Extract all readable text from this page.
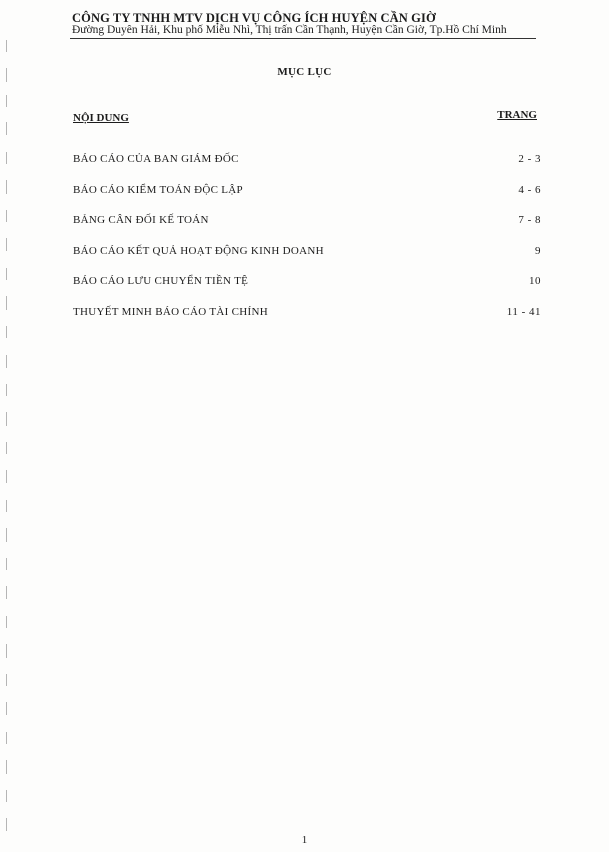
CÔNG TY TNHH MTV DỊCH VỤ CÔNG ÍCH HUYỆN CẦN GIỜ
Đường Duyên Hải, Khu phố Miễu Nhì, Thị trấn Cần Thạnh, Huyện Cần Giờ, Tp.Hồ Chí Minh
MỤC LỤC
NỘI DUNG	TRANG
BÁO CÁO CỦA BAN GIÁM ĐỐC	2 - 3
BÁO CÁO KIỂM TOÁN ĐỘC LẬP	4 - 6
BẢNG CÂN ĐỐI KẾ TOÁN	7 - 8
BÁO CÁO KẾT QUẢ HOẠT ĐỘNG KINH DOANH	9
BÁO CÁO LƯU CHUYỂN TIỀN TỆ	10
THUYẾT MINH BÁO CÁO TÀI CHÍNH	11 - 41
1
